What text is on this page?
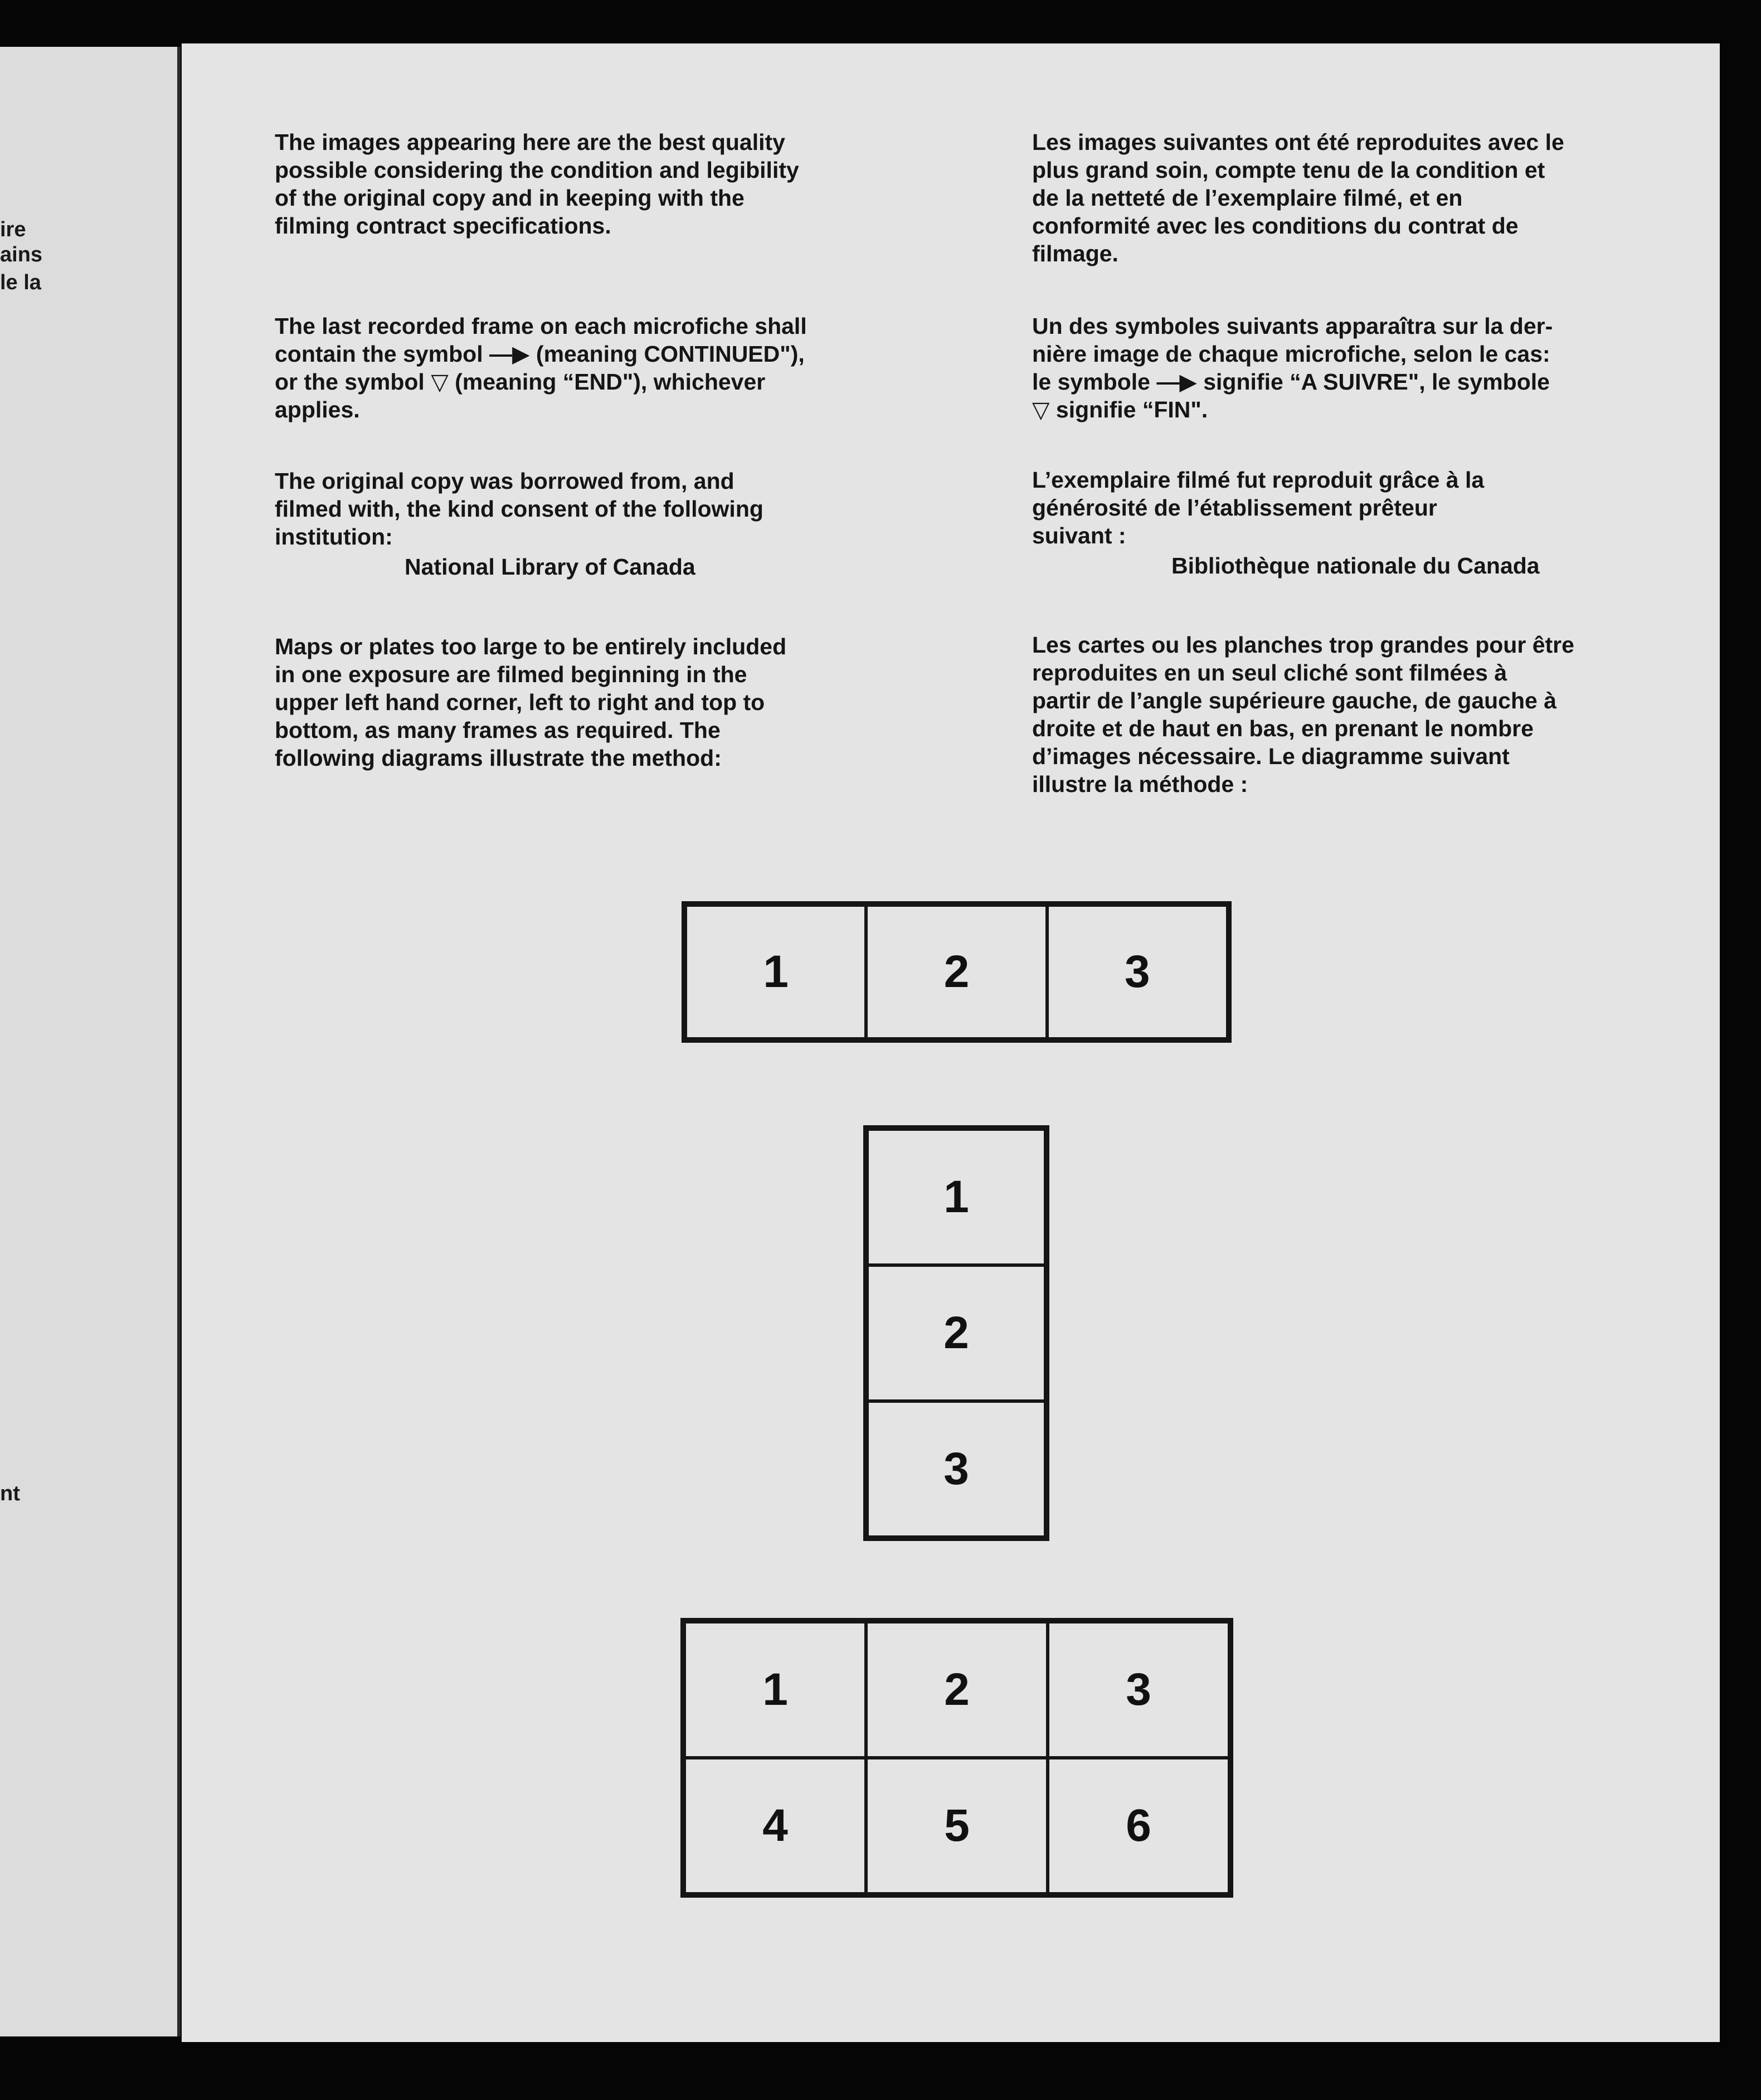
ire
ains
le la
nt

The images appearing here are the best quality
possible considering the condition and legibility
of the original copy and in keeping with the
filming contract specifications.

The last recorded frame on each microfiche shall
contain the symbol —▶ (meaning CONTINUED"),
or the symbol ▽ (meaning “END"), whichever
applies.

The original copy was borrowed from, and
filmed with, the kind consent of the following
institution:

National Library of Canada

Maps or plates too large to be entirely included
in one exposure are filmed beginning in the
upper left hand corner, left to right and top to
bottom, as many frames as required. The
following diagrams illustrate the method:

Les images suivantes ont été reproduites avec le
plus grand soin, compte tenu de la condition et
de la netteté de l’exemplaire filmé, et en
conformité avec les conditions du contrat de
filmage.

Un des symboles suivants apparaîtra sur la der-
nière image de chaque microfiche, selon le cas:
le symbole —▶ signifie “A SUIVRE", le symbole
▽ signifie “FIN".

L’exemplaire filmé fut reproduit grâce à la
générosité de l’établissement prêteur
suivant :

Bibliothèque nationale du Canada

Les cartes ou les planches trop grandes pour être
reproduites en un seul cliché sont filmées à
partir de l’angle supérieure gauche, de gauche à
droite et de haut en bas, en prenant le nombre
d’images nécessaire. Le diagramme suivant
illustre la méthode :

1	2	3
1
2
3
1	2	3
4	5	6
